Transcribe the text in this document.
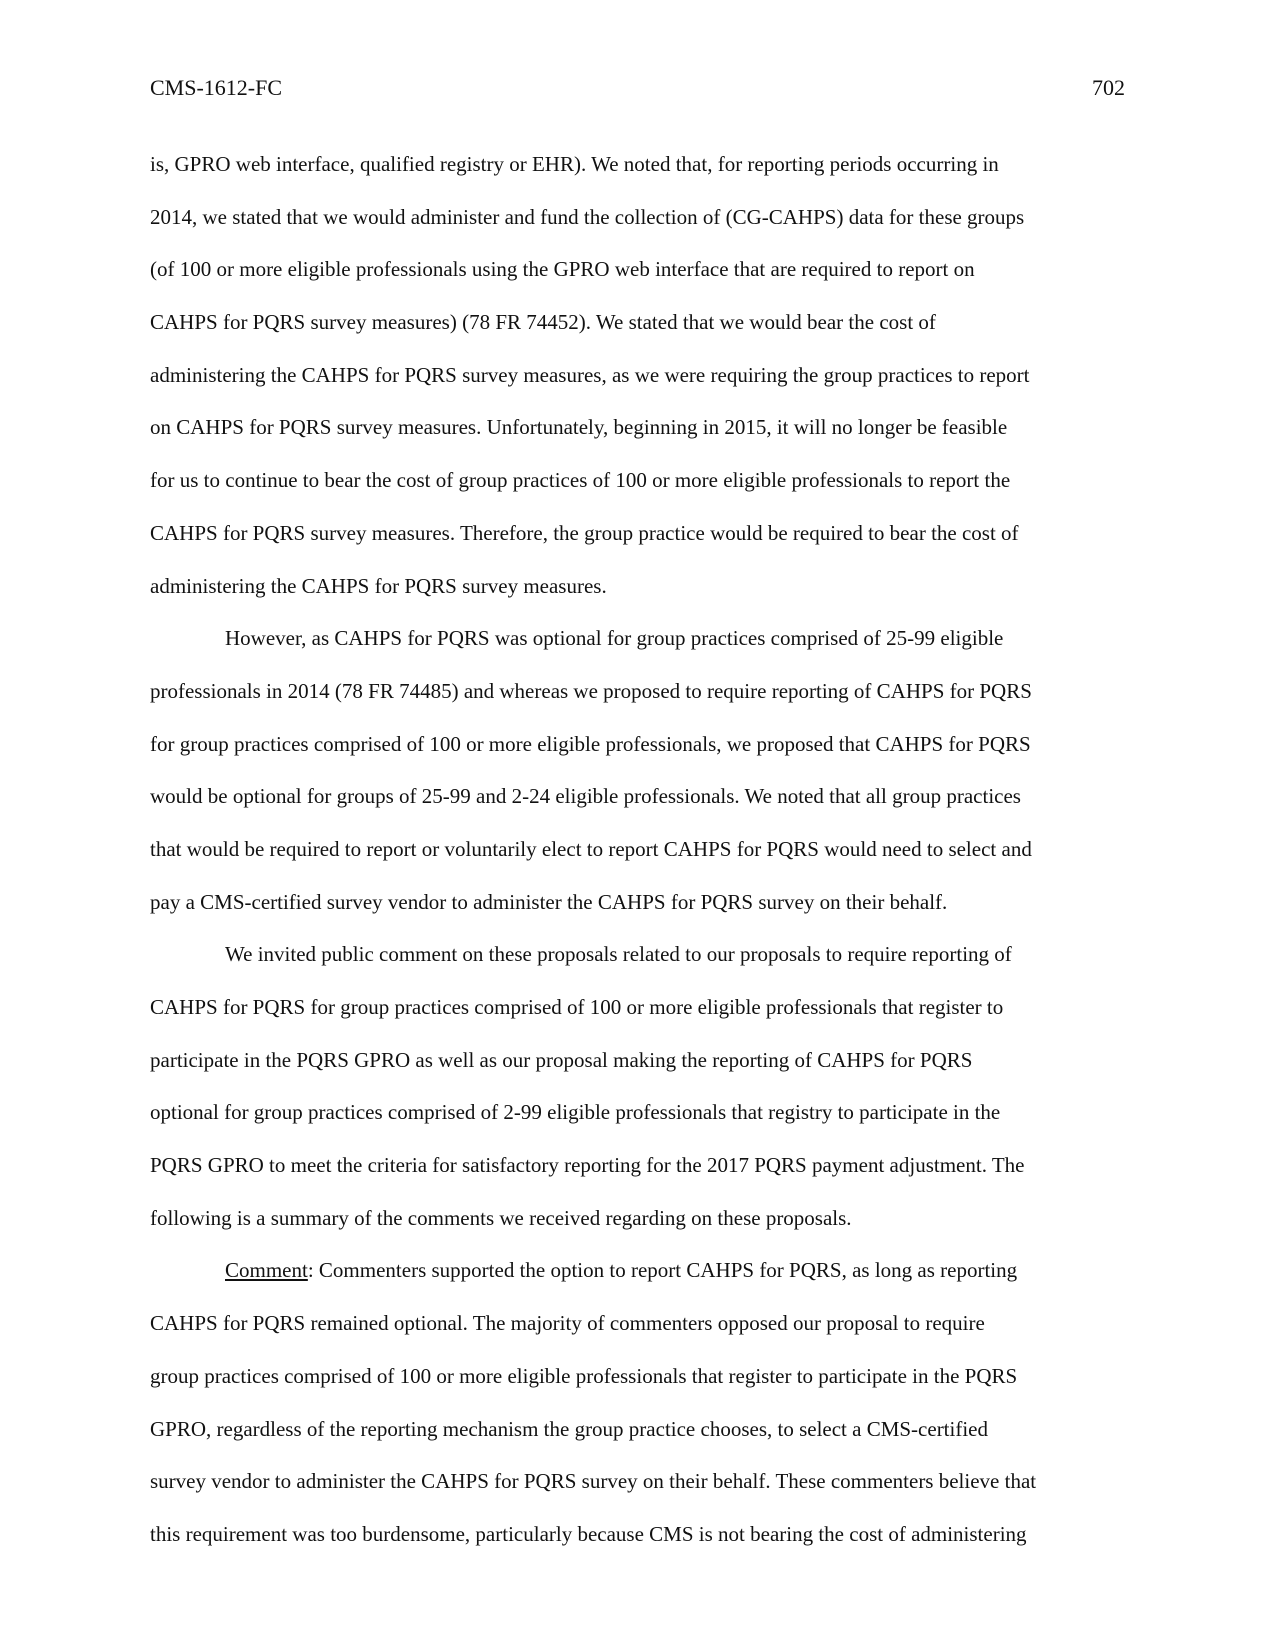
CMS-1612-FC	702
is, GPRO web interface, qualified registry or EHR). We noted that, for reporting periods occurring in
2014, we stated that we would administer and fund the collection of (CG-CAHPS) data for these groups
(of 100 or more eligible professionals using the GPRO web interface that are required to report on
CAHPS for PQRS survey measures) (78 FR 74452). We stated that we would bear the cost of
administering the CAHPS for PQRS survey measures, as we were requiring the group practices to report
on CAHPS for PQRS survey measures. Unfortunately, beginning in 2015, it will no longer be feasible
for us to continue to bear the cost of group practices of 100 or more eligible professionals to report the
CAHPS for PQRS survey measures. Therefore, the group practice would be required to bear the cost of
administering the CAHPS for PQRS survey measures.
However, as CAHPS for PQRS was optional for group practices comprised of 25-99 eligible
professionals in 2014 (78 FR 74485) and whereas we proposed to require reporting of CAHPS for PQRS
for group practices comprised of 100 or more eligible professionals, we proposed that CAHPS for PQRS
would be optional for groups of 25-99 and 2-24 eligible professionals. We noted that all group practices
that would be required to report or voluntarily elect to report CAHPS for PQRS would need to select and
pay a CMS-certified survey vendor to administer the CAHPS for PQRS survey on their behalf.
We invited public comment on these proposals related to our proposals to require reporting of
CAHPS for PQRS for group practices comprised of 100 or more eligible professionals that register to
participate in the PQRS GPRO as well as our proposal making the reporting of CAHPS for PQRS
optional for group practices comprised of 2-99 eligible professionals that registry to participate in the
PQRS GPRO to meet the criteria for satisfactory reporting for the 2017 PQRS payment adjustment. The
following is a summary of the comments we received regarding on these proposals.
Comment: Commenters supported the option to report CAHPS for PQRS, as long as reporting
CAHPS for PQRS remained optional. The majority of commenters opposed our proposal to require
group practices comprised of 100 or more eligible professionals that register to participate in the PQRS
GPRO, regardless of the reporting mechanism the group practice chooses, to select a CMS-certified
survey vendor to administer the CAHPS for PQRS survey on their behalf. These commenters believe that
this requirement was too burdensome, particularly because CMS is not bearing the cost of administering
